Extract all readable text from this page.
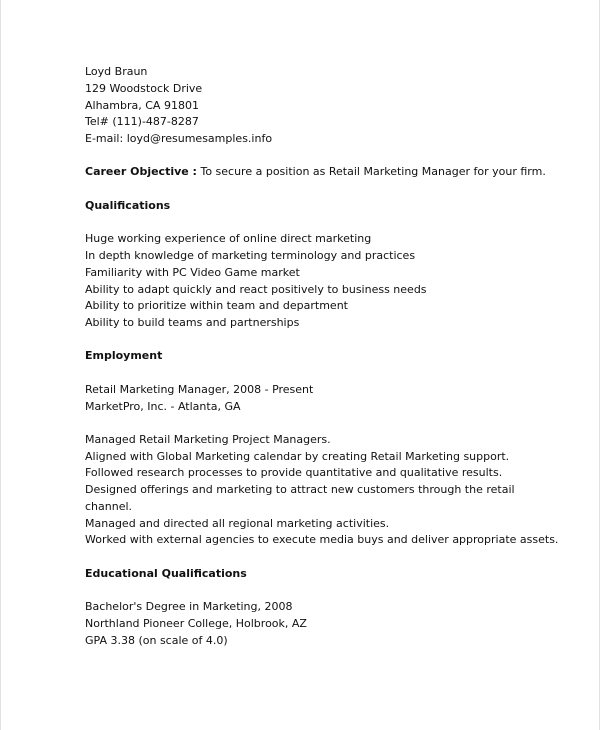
Loyd Braun
129 Woodstock Drive
Alhambra, CA 91801
Tel# (111)-487-8287
E-mail: loyd@resumesamples.info
Career Objective : To secure a position as Retail Marketing Manager for your firm.
Qualifications
Huge working experience of online direct marketing
In depth knowledge of marketing terminology and practices
Familiarity with PC Video Game market
Ability to adapt quickly and react positively to business needs
Ability to prioritize within team and department
Ability to build teams and partnerships
Employment
Retail Marketing Manager, 2008 - Present
MarketPro, Inc. - Atlanta, GA
Managed Retail Marketing Project Managers.
Aligned with Global Marketing calendar by creating Retail Marketing support.
Followed research processes to provide quantitative and qualitative results.
Designed offerings and marketing to attract new customers through the retail
channel.
Managed and directed all regional marketing activities.
Worked with external agencies to execute media buys and deliver appropriate assets.
Educational Qualifications
Bachelor's Degree in Marketing, 2008
Northland Pioneer College, Holbrook, AZ
GPA 3.38 (on scale of 4.0)
